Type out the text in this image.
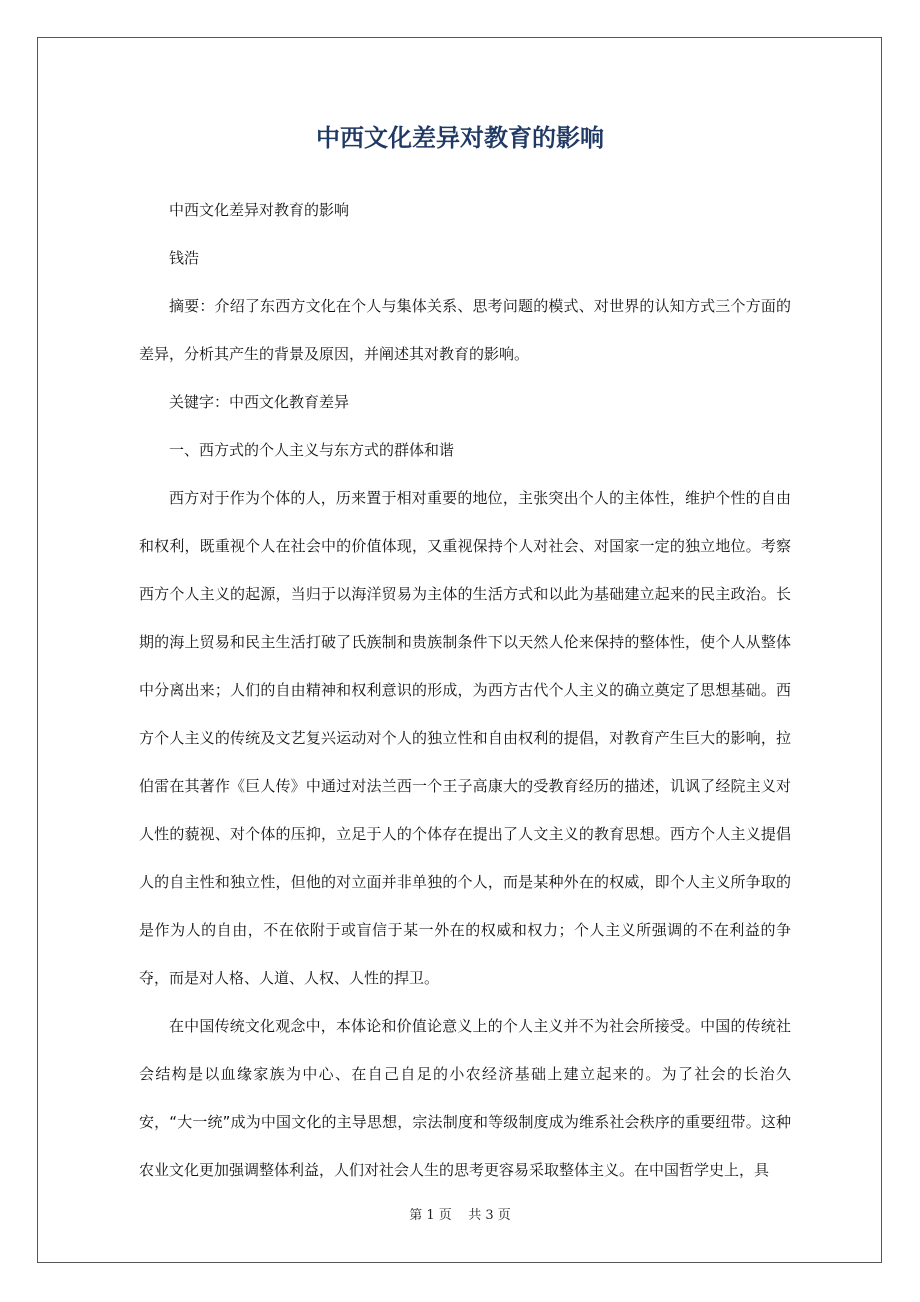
中西文化差异对教育的影响

中西文化差异对教育的影响

钱浩

摘要：介绍了东西方文化在个人与集体关系、思考问题的模式、对世界的认知方式三个方面的差异，分析其产生的背景及原因，并阐述其对教育的影响。

关键字：中西文化教育差异

一、西方式的个人主义与东方式的群体和谐

西方对于作为个体的人，历来置于相对重要的地位，主张突出个人的主体性，维护个性的自由和权利，既重视个人在社会中的价值体现，又重视保持个人对社会、对国家一定的独立地位。考察西方个人主义的起源，当归于以海洋贸易为主体的生活方式和以此为基础建立起来的民主政治。长期的海上贸易和民主生活打破了氏族制和贵族制条件下以天然人伦来保持的整体性，使个人从整体中分离出来；人们的自由精神和权利意识的形成，为西方古代个人主义的确立奠定了思想基础。西方个人主义的传统及文艺复兴运动对个人的独立性和自由权利的提倡，对教育产生巨大的影响，拉伯雷在其著作《巨人传》中通过对法兰西一个王子高康大的受教育经历的描述，讥讽了经院主义对人性的藐视、对个体的压抑，立足于人的个体存在提出了人文主义的教育思想。西方个人主义提倡人的自主性和独立性，但他的对立面并非单独的个人，而是某种外在的权威，即个人主义所争取的是作为人的自由，不在依附于或盲信于某一外在的权威和权力；个人主义所强调的不在利益的争夺，而是对人格、人道、人权、人性的捍卫。

在中国传统文化观念中，本体论和价值论意义上的个人主义并不为社会所接受。中国的传统社会结构是以血缘家族为中心、在自己自足的小农经济基础上建立起来的。为了社会的长治久安，“大一统”成为中国文化的主导思想，宗法制度和等级制度成为维系社会秩序的重要纽带。这种农业文化更加强调整体利益，人们对社会人生的思考更容易采取整体主义。在中国哲学史上，具

第 1 页    共 3 页
